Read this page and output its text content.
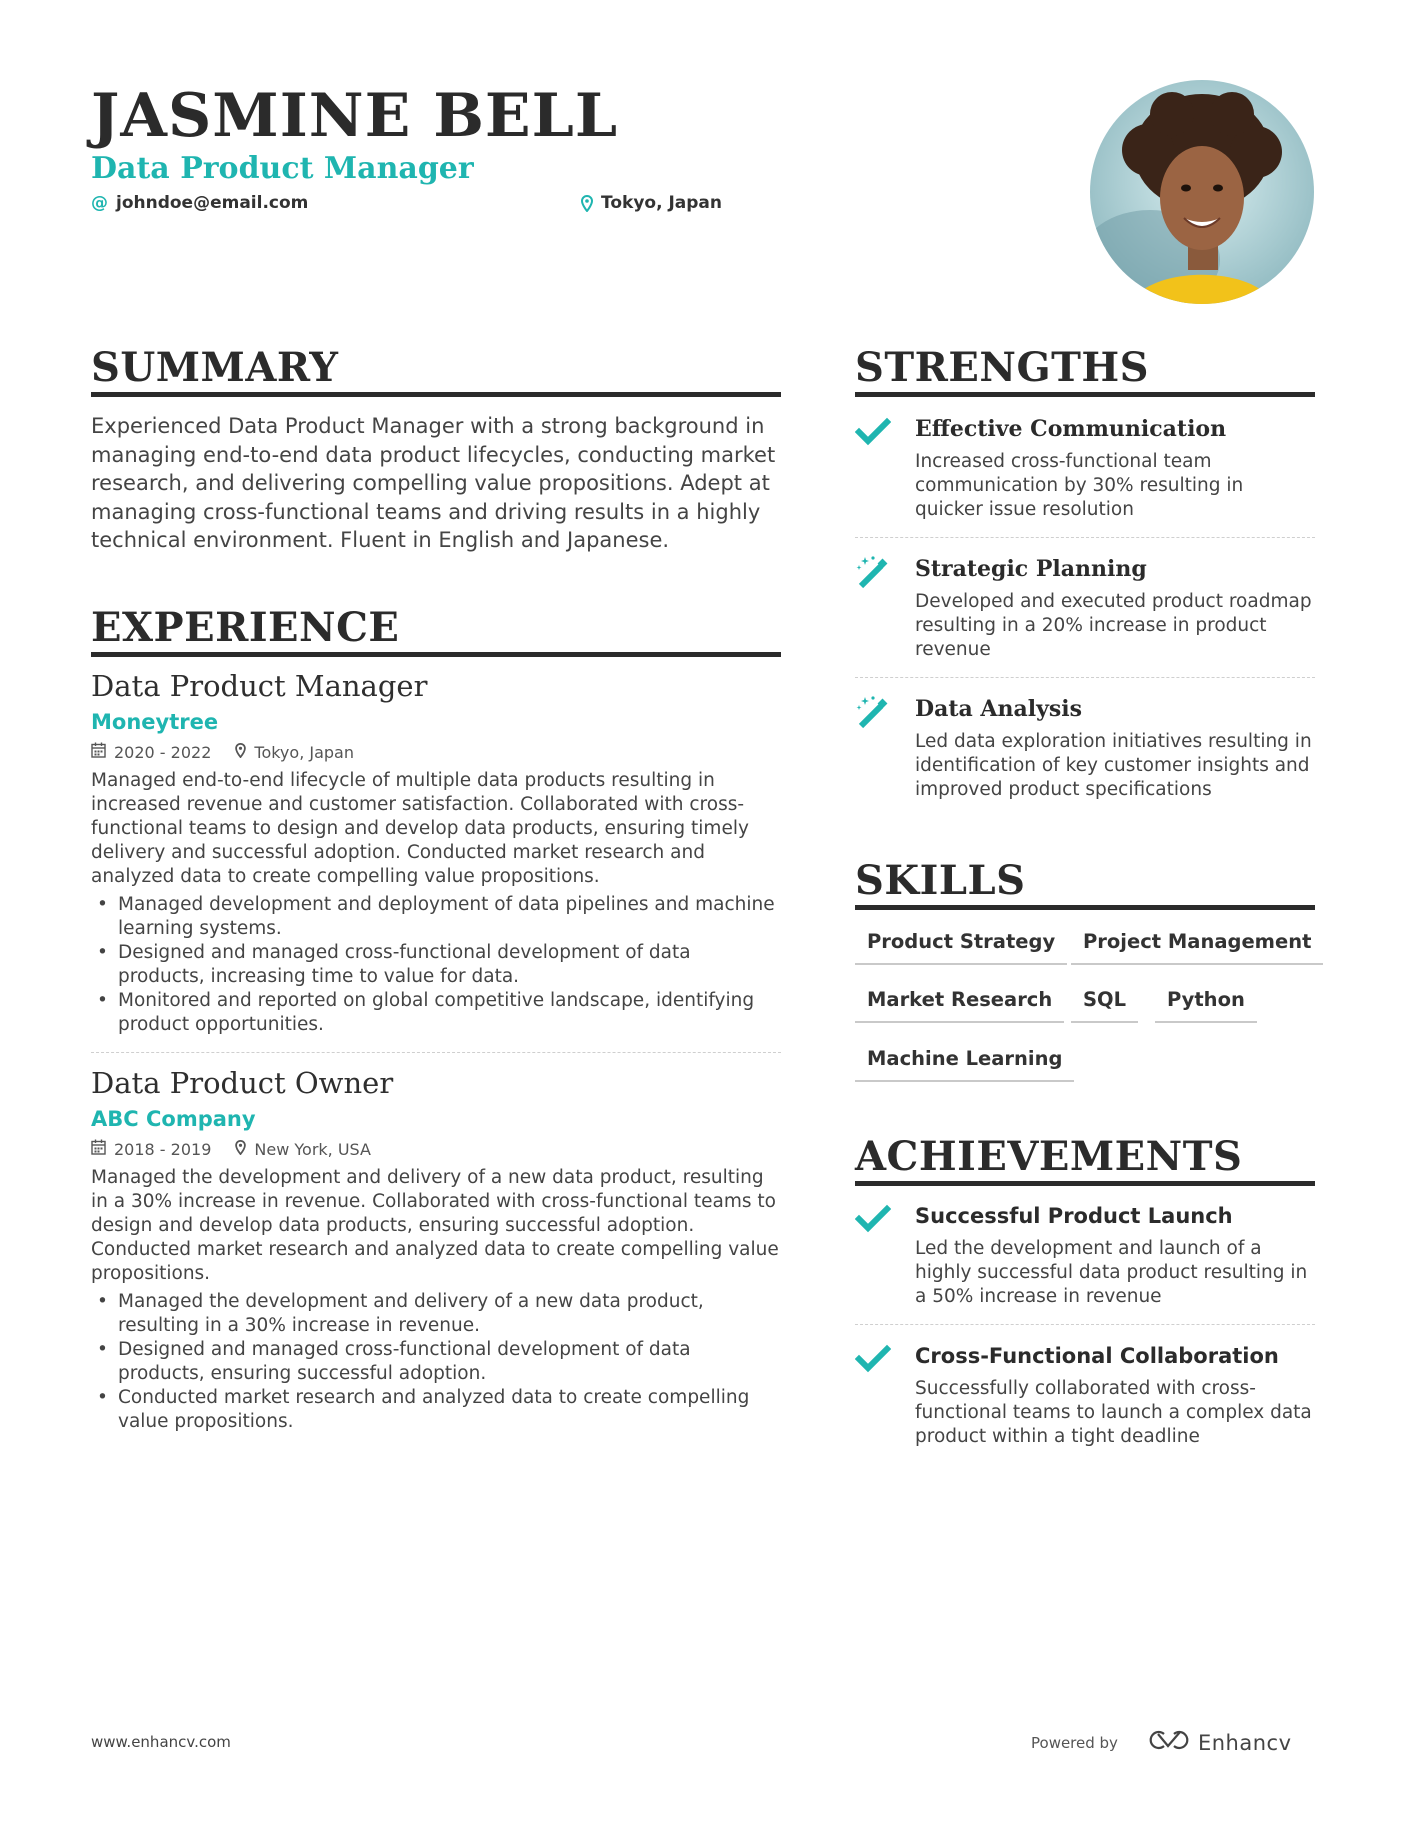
JASMINE BELL
Data Product Manager
@ johndoe@email.com	Tokyo, Japan
SUMMARY
Experienced Data Product Manager with a strong background in managing end-to-end data product lifecycles, conducting market research, and delivering compelling value propositions. Adept at managing cross-functional teams and driving results in a highly technical environment. Fluent in English and Japanese.
EXPERIENCE
Data Product Manager
Moneytree
2020 - 2022	Tokyo, Japan
Managed end-to-end lifecycle of multiple data products resulting in increased revenue and customer satisfaction. Collaborated with cross-functional teams to design and develop data products, ensuring timely delivery and successful adoption. Conducted market research and analyzed data to create compelling value propositions.
• Managed development and deployment of data pipelines and machine learning systems.
• Designed and managed cross-functional development of data products, increasing time to value for data.
• Monitored and reported on global competitive landscape, identifying product opportunities.
Data Product Owner
ABC Company
2018 - 2019	New York, USA
Managed the development and delivery of a new data product, resulting in a 30% increase in revenue. Collaborated with cross-functional teams to design and develop data products, ensuring successful adoption. Conducted market research and analyzed data to create compelling value propositions.
• Managed the development and delivery of a new data product, resulting in a 30% increase in revenue.
• Designed and managed cross-functional development of data products, ensuring successful adoption.
• Conducted market research and analyzed data to create compelling value propositions.
STRENGTHS
Effective Communication
Increased cross-functional team communication by 30% resulting in quicker issue resolution
Strategic Planning
Developed and executed product roadmap resulting in a 20% increase in product revenue
Data Analysis
Led data exploration initiatives resulting in identification of key customer insights and improved product specifications
SKILLS
Product Strategy	Project Management
Market Research	SQL	Python
Machine Learning
ACHIEVEMENTS
Successful Product Launch
Led the development and launch of a highly successful data product resulting in a 50% increase in revenue
Cross-Functional Collaboration
Successfully collaborated with cross-functional teams to launch a complex data product within a tight deadline
www.enhancv.com	Powered by	Enhancv
